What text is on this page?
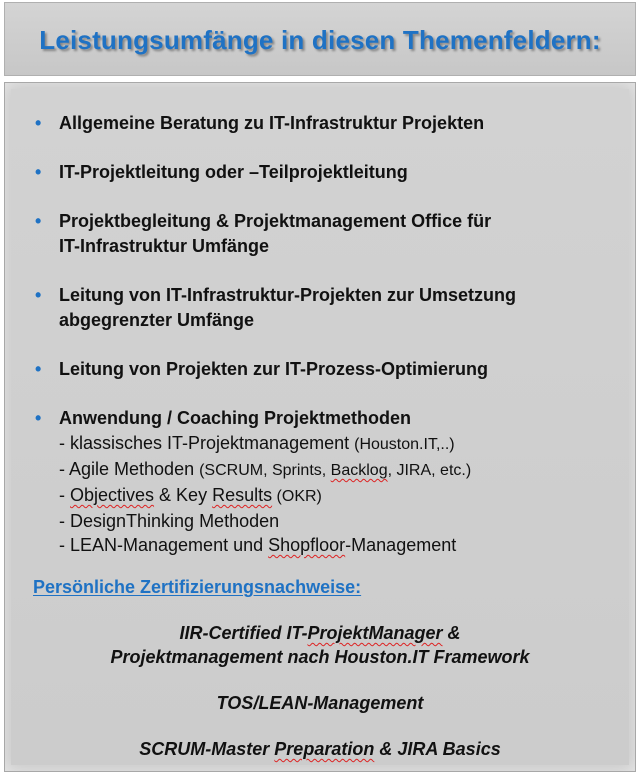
Leistungsumfänge in diesen Themenfeldern:
• Allgemeine Beratung zu IT-Infrastruktur Projekten
• IT-Projektleitung oder –Teilprojektleitung
• Projektbegleitung & Projektmanagement Office für
IT-Infrastruktur Umfänge
• Leitung von IT-Infrastruktur-Projekten zur Umsetzung
abgegrenzter Umfänge
• Leitung von Projekten zur IT-Prozess-Optimierung
• Anwendung / Coaching Projektmethoden
- klassisches IT-Projektmanagement (Houston.IT,..)
- Agile Methoden (SCRUM, Sprints, Backlog, JIRA, etc.)
- Objectives & Key Results (OKR)
- DesignThinking Methoden
- LEAN-Management und Shopfloor-Management
Persönliche Zertifizierungsnachweise:

IIR-Certified IT-ProjektManager &

Projektmanagement nach Houston.IT Framework

TOS/LEAN-Management

SCRUM-Master Preparation & JIRA Basics
